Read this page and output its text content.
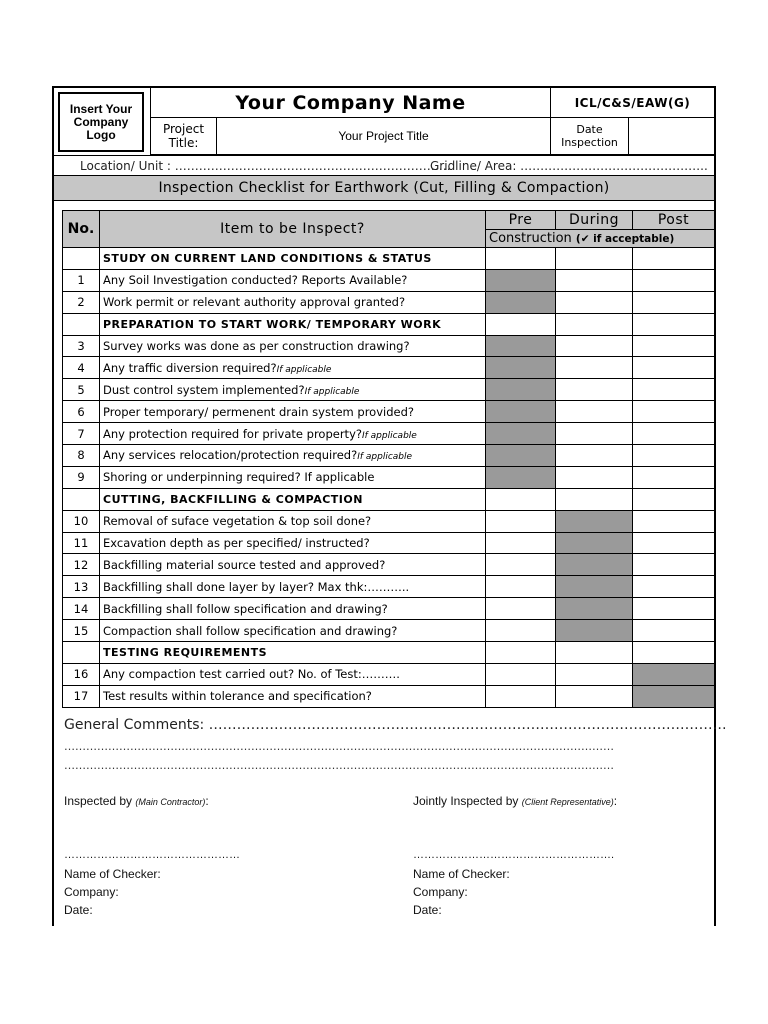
Insert Your Company Logo
Your Company Name	ICL/C&S/EAW(G)
Project Title:	Your Project Title	Date Inspection
Location/ Unit : ……………………………………………………………
Gridline/ Area: ………………………………………..
Inspection Checklist for Earthwork (Cut, Filling & Compaction)
No.	Item to be Inspect?	Pre	During	Post
		Construction (✔ if acceptable)		
	STUDY ON CURRENT LAND CONDITIONS & STATUS			
1	Any Soil Investigation conducted? Reports Available?			
2	Work permit or relevant authority approval granted?			
	PREPARATION TO START WORK/ TEMPORARY WORK			
3	Survey works was done as per construction drawing?			
4	Any traffic diversion required?If applicable			
5	Dust control system implemented?If applicable			
6	Proper temporary/ permenent drain system provided?			
7	Any protection required for private property?If applicable			
8	Any services relocation/protection required?If applicable			
9	Shoring or underpinning required? If applicable			
	CUTTING, BACKFILLING & COMPACTION			
10	Removal of suface vegetation & top soil done?			
11	Excavation depth as per specified/ instructed?			
12	Backfilling material source tested and approved?			
13	Backfilling shall done layer by layer? Max thk:………..			
14	Backfilling shall follow specification and drawing?			
15	Compaction shall follow specification and drawing?			
	TESTING REQUIREMENTS			
16	Any compaction test carried out? No. of Test:……….			
17	Test results within tolerance and specification?			
General Comments: …………………………………………………………………………………………………
……………………………………………………………………………………………………………………………………
……………………………………………………………………………………………………………………………………
Inspected by (Main Contractor):
…………………………………………
Name of Checker:
Company:
Date:
Jointly Inspected by (Client Representative):
……………………………………………….
Name of Checker:
Company:
Date:
